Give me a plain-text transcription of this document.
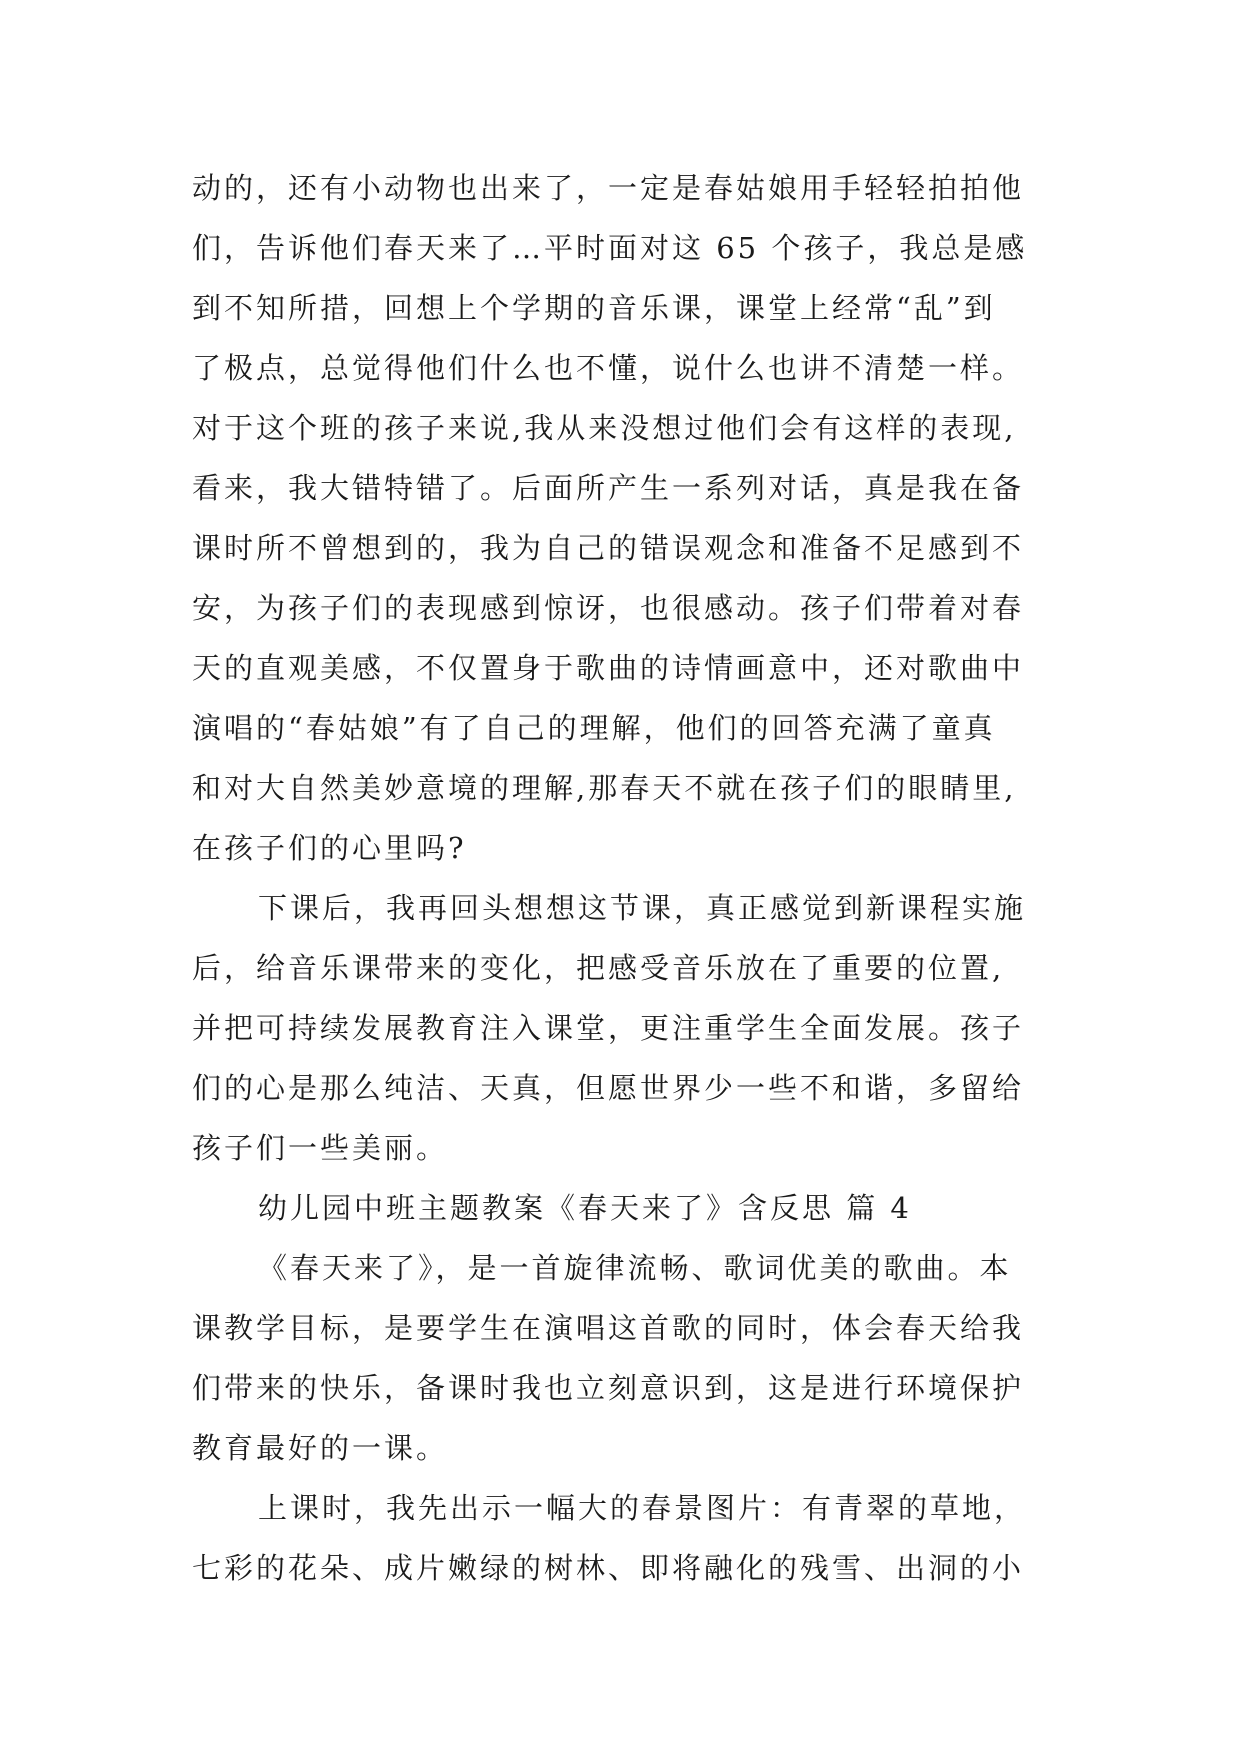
动的，还有小动物也出来了，一定是春姑娘用手轻轻拍拍他
们，告诉他们春天来了…平时面对这 65 个孩子，我总是感
到不知所措，回想上个学期的音乐课，课堂上经常“乱”到
了极点，总觉得他们什么也不懂，说什么也讲不清楚一样。
对于这个班的孩子来说,我从来没想过他们会有这样的表现,
看来，我大错特错了。后面所产生一系列对话，真是我在备
课时所不曾想到的，我为自己的错误观念和准备不足感到不
安，为孩子们的表现感到惊讶，也很感动。孩子们带着对春
天的直观美感，不仅置身于歌曲的诗情画意中，还对歌曲中
演唱的“春姑娘”有了自己的理解，他们的回答充满了童真
和对大自然美妙意境的理解,那春天不就在孩子们的眼睛里,
在孩子们的心里吗?
下课后，我再回头想想这节课，真正感觉到新课程实施
后，给音乐课带来的变化，把感受音乐放在了重要的位置,
并把可持续发展教育注入课堂，更注重学生全面发展。孩子
们的心是那么纯洁、天真，但愿世界少一些不和谐，多留给
孩子们一些美丽。
幼儿园中班主题教案《春天来了》含反思 篇 4
《春天来了》，是一首旋律流畅、歌词优美的歌曲。本
课教学目标，是要学生在演唱这首歌的同时，体会春天给我
们带来的快乐，备课时我也立刻意识到，这是进行环境保护
教育最好的一课。
上课时，我先出示一幅大的春景图片：有青翠的草地，
七彩的花朵、成片嫩绿的树林、即将融化的残雪、出洞的小
